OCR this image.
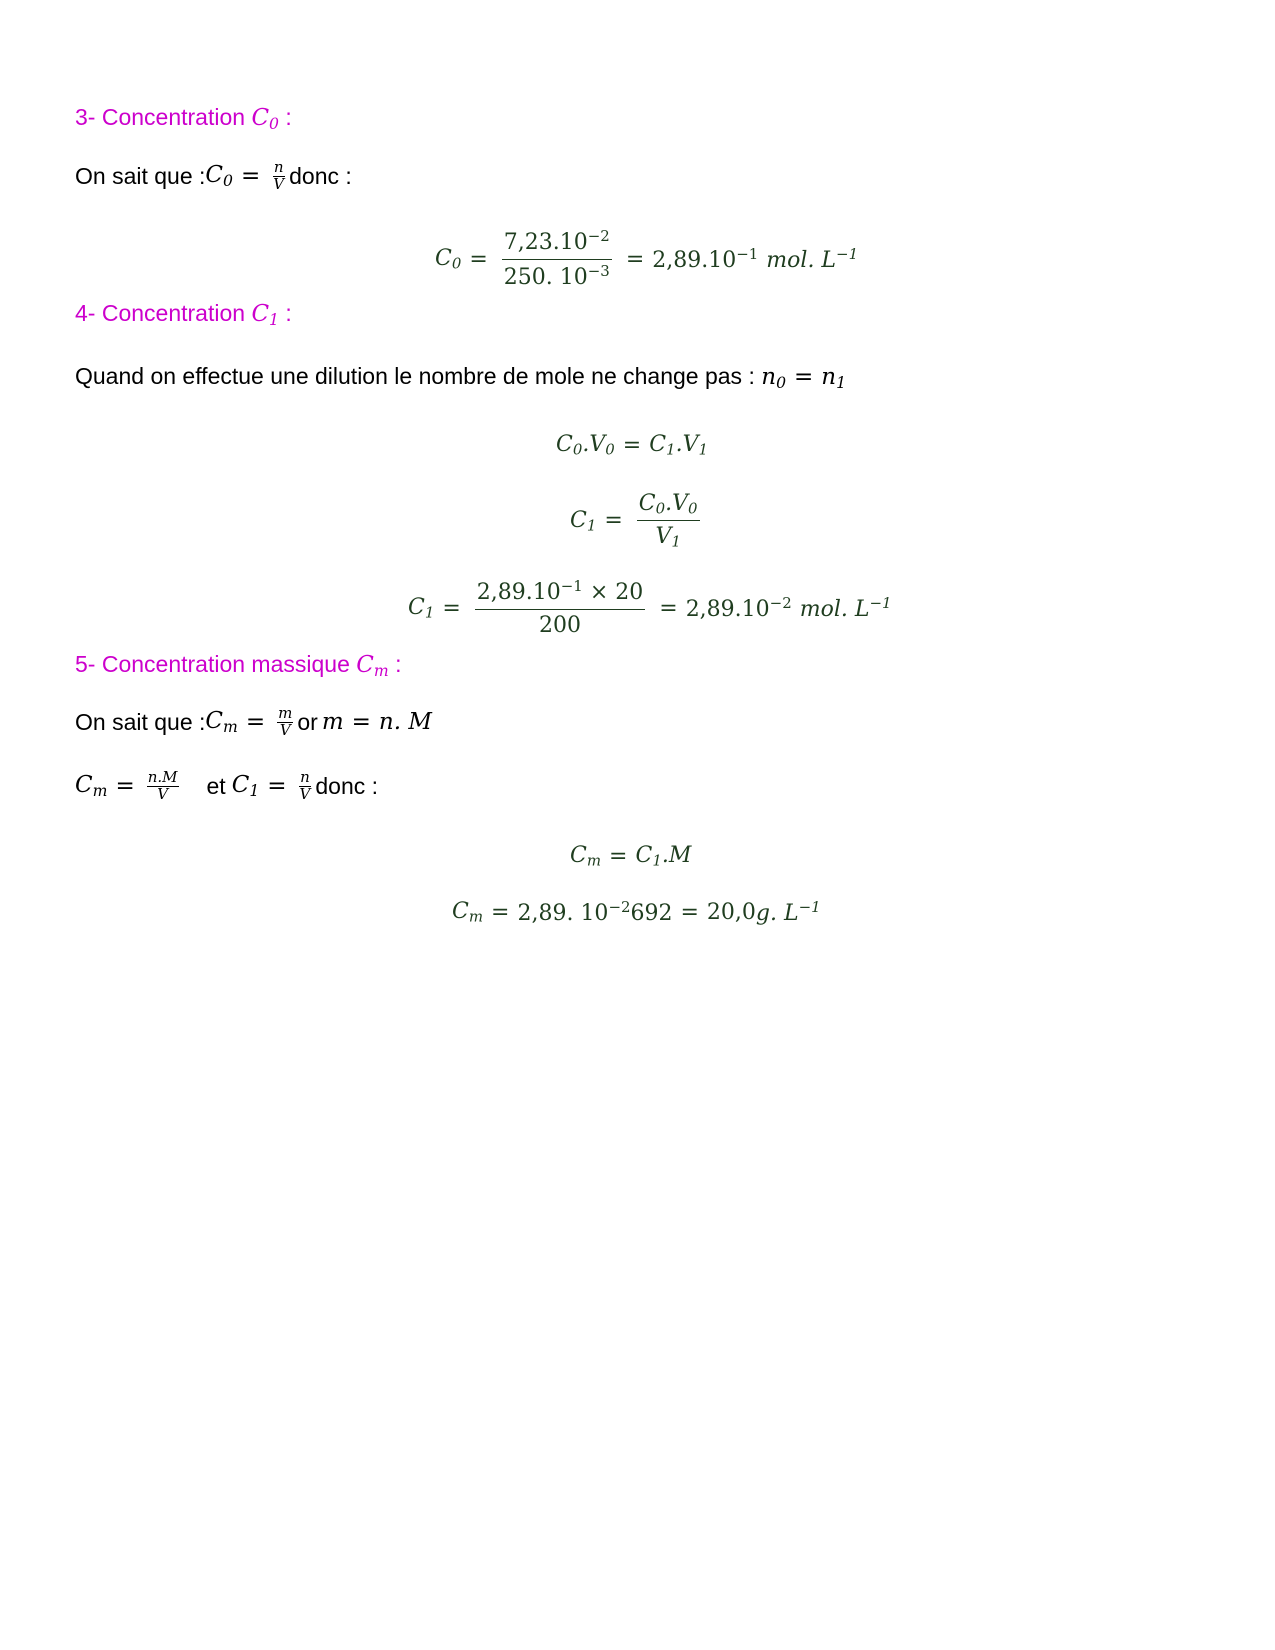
3- Concentration $C_0$ :
On sait que : $C_0 = \frac{n}{V}$ donc :
$C_0 = \frac{7,23.10^{-2}}{250. 10^{-3}} = 2,89.10^{-1}$ mol. $L^{-1}$
4- Concentration $C_1$ :
Quand on effectue une dilution le nombre de mole ne change pas : $n_0 = n_1$
$C_0.V_0 = C_1.V_1$
$C_1 = \frac{C_0.V_0}{V_1}$
$C_1 = \frac{2,89.10^{-1} \times 20}{200} = 2,89.10^{-2}$ mol. $L^{-1}$
5- Concentration massique $C_m$ :
On sait que : $C_m = \frac{m}{V}$ or m = n. M
$C_m = \frac{n.M}{V}$ et $C_1 = \frac{n}{V}$ donc :
$C_m = C_1.M$
$C_m = 2,89$. $10^{-2}692 = 20,0$ g. $L^{-1}$
